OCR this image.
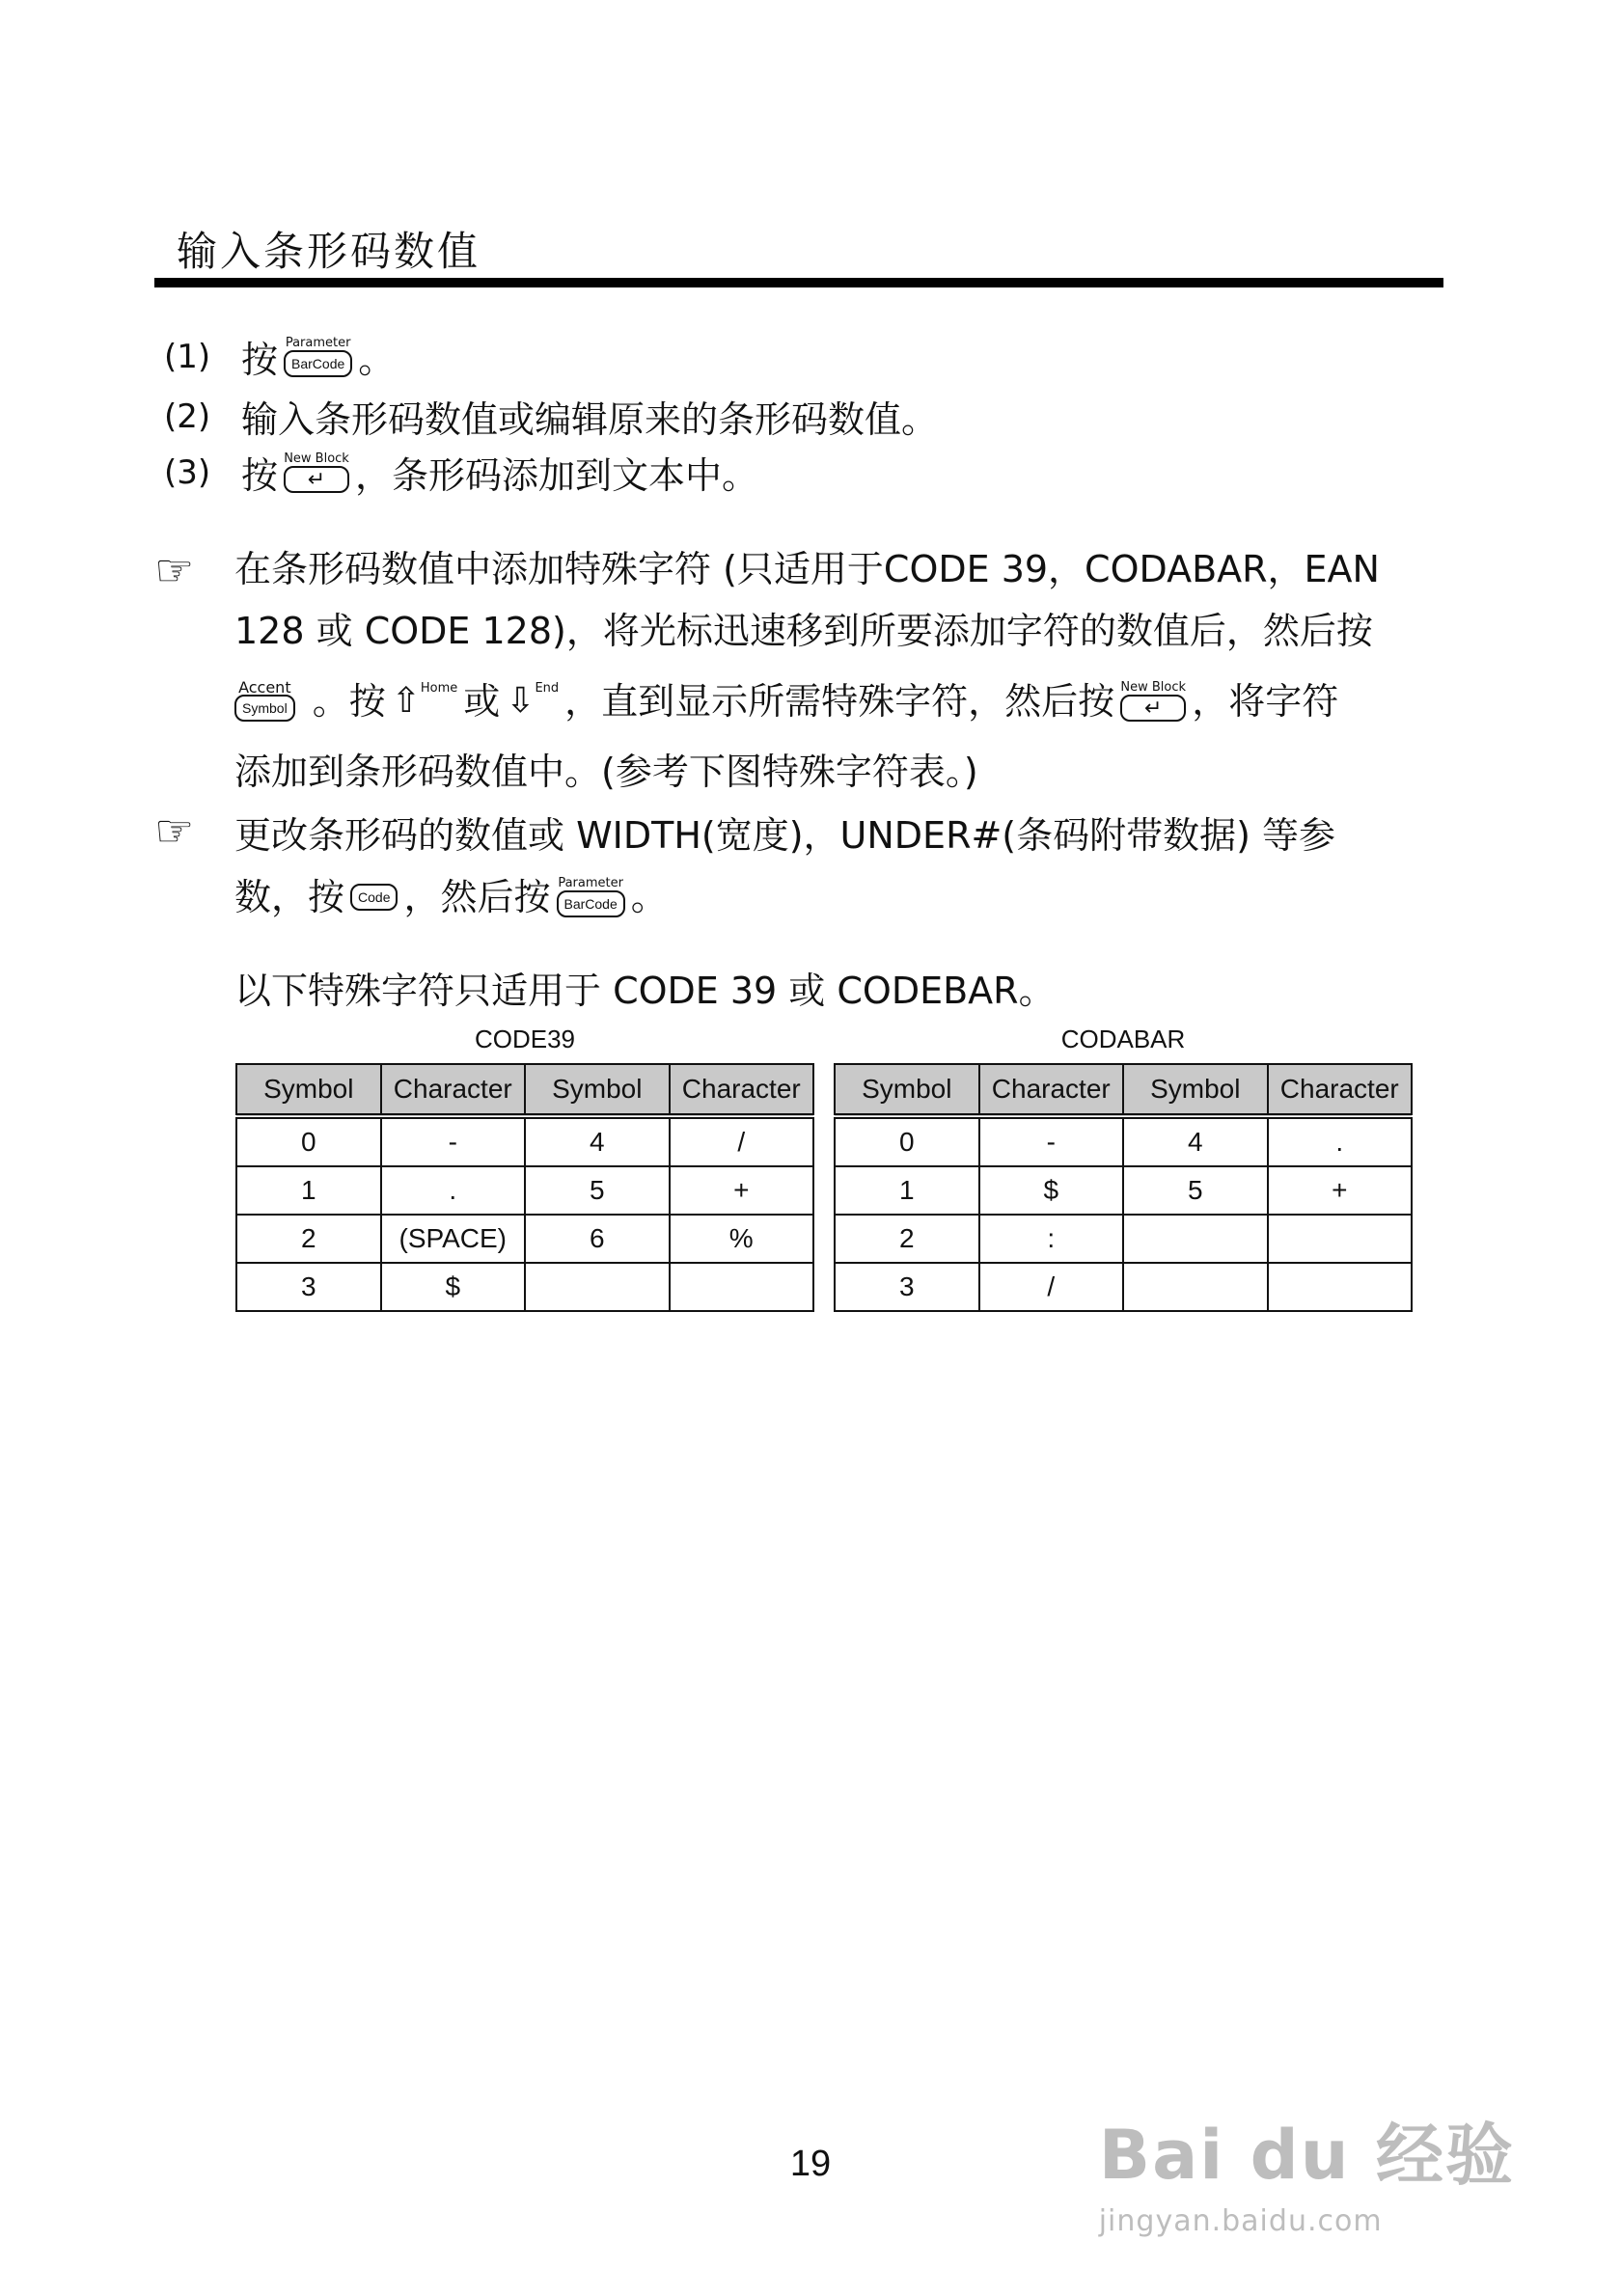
输入条形码数值
(1) 按 Parameter
BarCode 。
(2) 输入条形码数值或编辑原来的条形码数值。
(3) 按 New Block
↵ ，条形码添加到文本中。
☞ 在条形码数值中添加特殊字符 (只适用于CODE 39，CODABAR，EAN
128 或 CODE 128)，将光标迅速移到所要添加字符的数值后，然后按
Accent
Symbol 。按 ⇧ Home 或 ⇩ End ，直到显示所需特殊字符，然后按 New Block
↵ ，将字符
添加到条形码数值中。(参考下图特殊字符表。)
☞ 更改条形码的数值或 WIDTH(宽度)，UNDER#(条码附带数据) 等参
数，按	Code ，然后按 Parameter
BarCode 。
以下特殊字符只适用于 CODE 39 或 CODEBAR。
CODE39	CODABAR
Symbol	Character	Symbol	Character
0	-	4	/
1	.	5	+
2	(SPACE)	6	%
3	$		
Symbol	Character	Symbol	Character
0	-	4	.
1	$	5	+
2	:		
3	/		
19	Bai du 经验
jingyan.baidu.com
